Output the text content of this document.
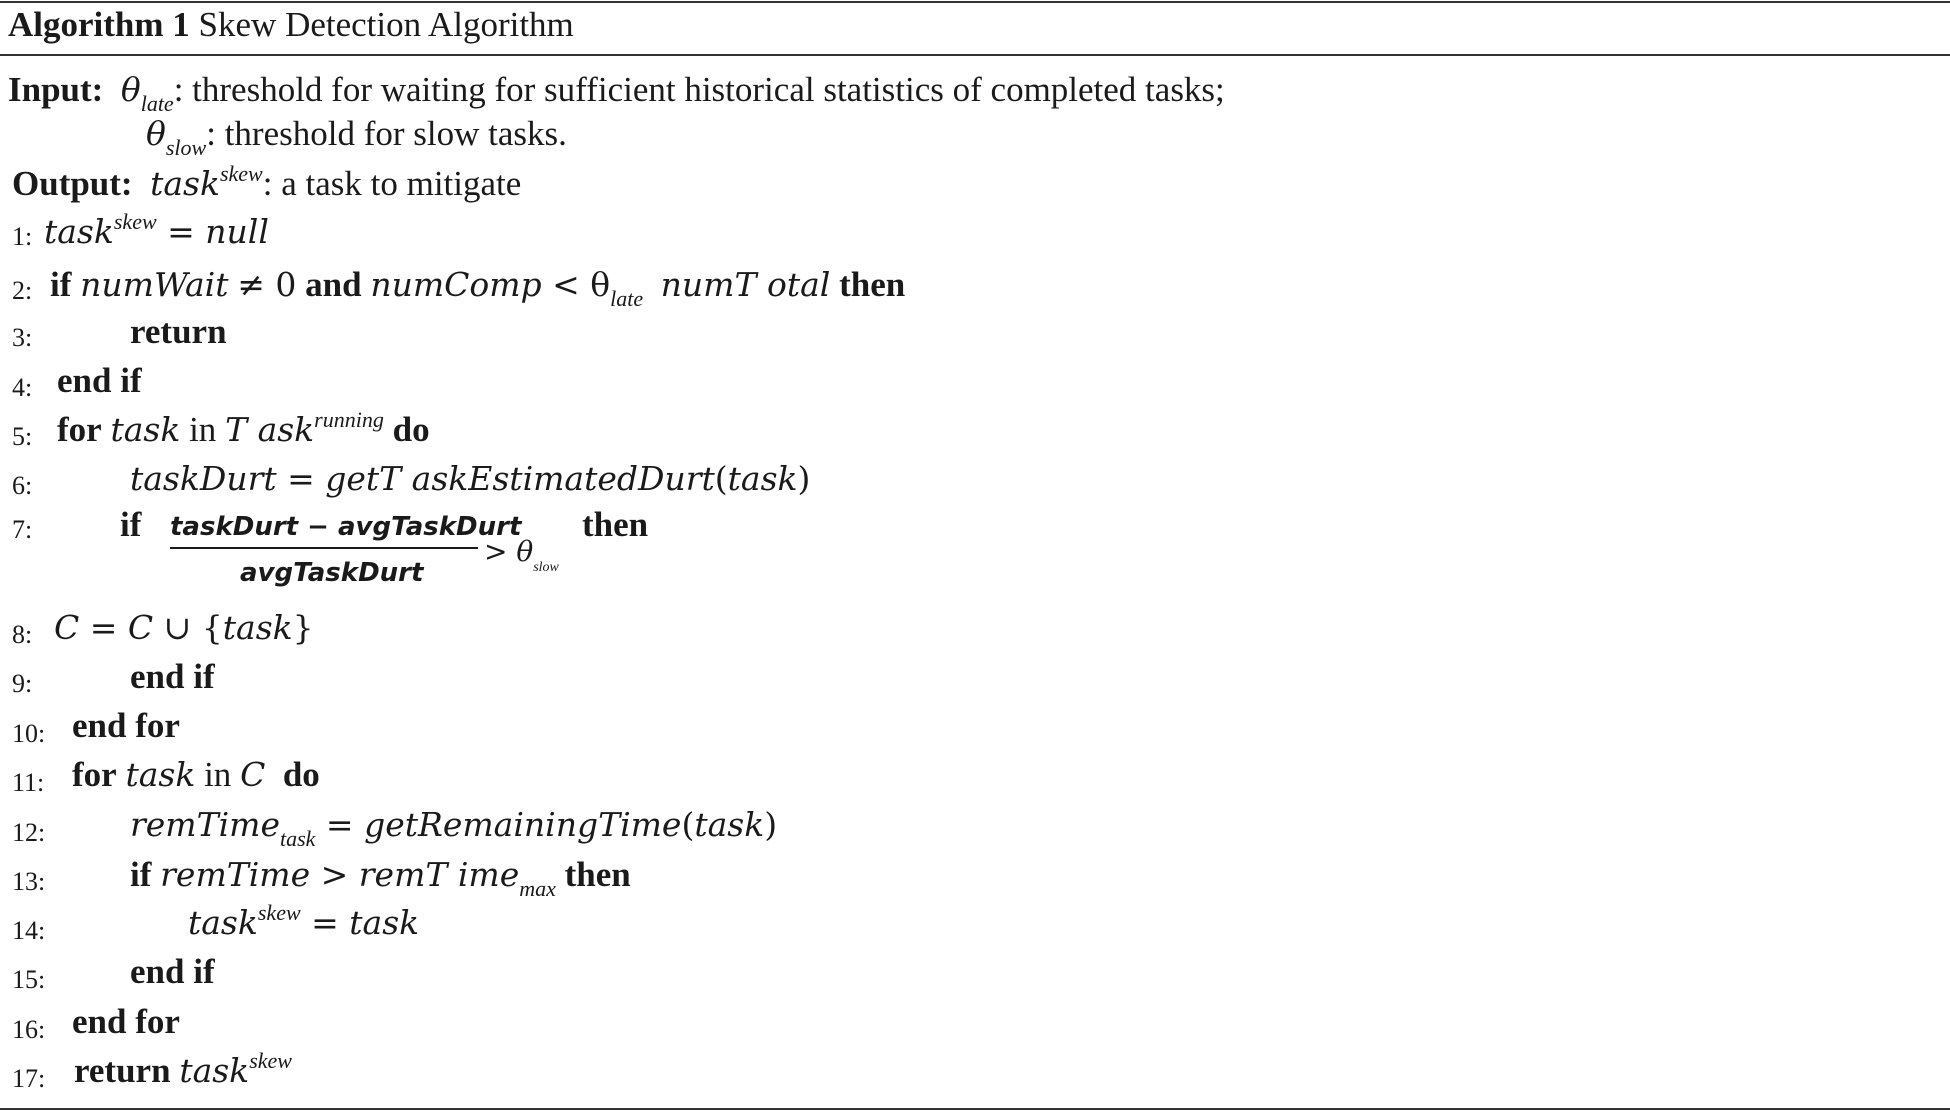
Algorithm 1 Skew Detection Algorithm
Input: $\theta_{late}$: threshold for waiting for sufficient historical statistics of completed tasks;
$\theta_{slow}$: threshold for slow tasks.
Output: task$^{skew}$: a task to mitigate
1: task$^{skew}$ = null
2: if numWait ≠ 0 and numComp < $\theta_{late}$ numT otal then
3:	return
4: end if
5: for task in T ask$^{running}$ do
6:	taskDurt = getT askEstimatedDurt(task)
7:	if taskDurt − avgTaskDurt
avgTaskDurt
> $\theta_{slow}$
then
8: C = C ∪ {task}
9:	end if
10: end for
11: for task in C do
12:	remTime$_{task}$ = getRemainingTime(task)
13: if remTime > remT ime$_{max}$ then
14:	task$^{skew}$ = task
15: end if
16: end for
17: return task$^{skew}$
